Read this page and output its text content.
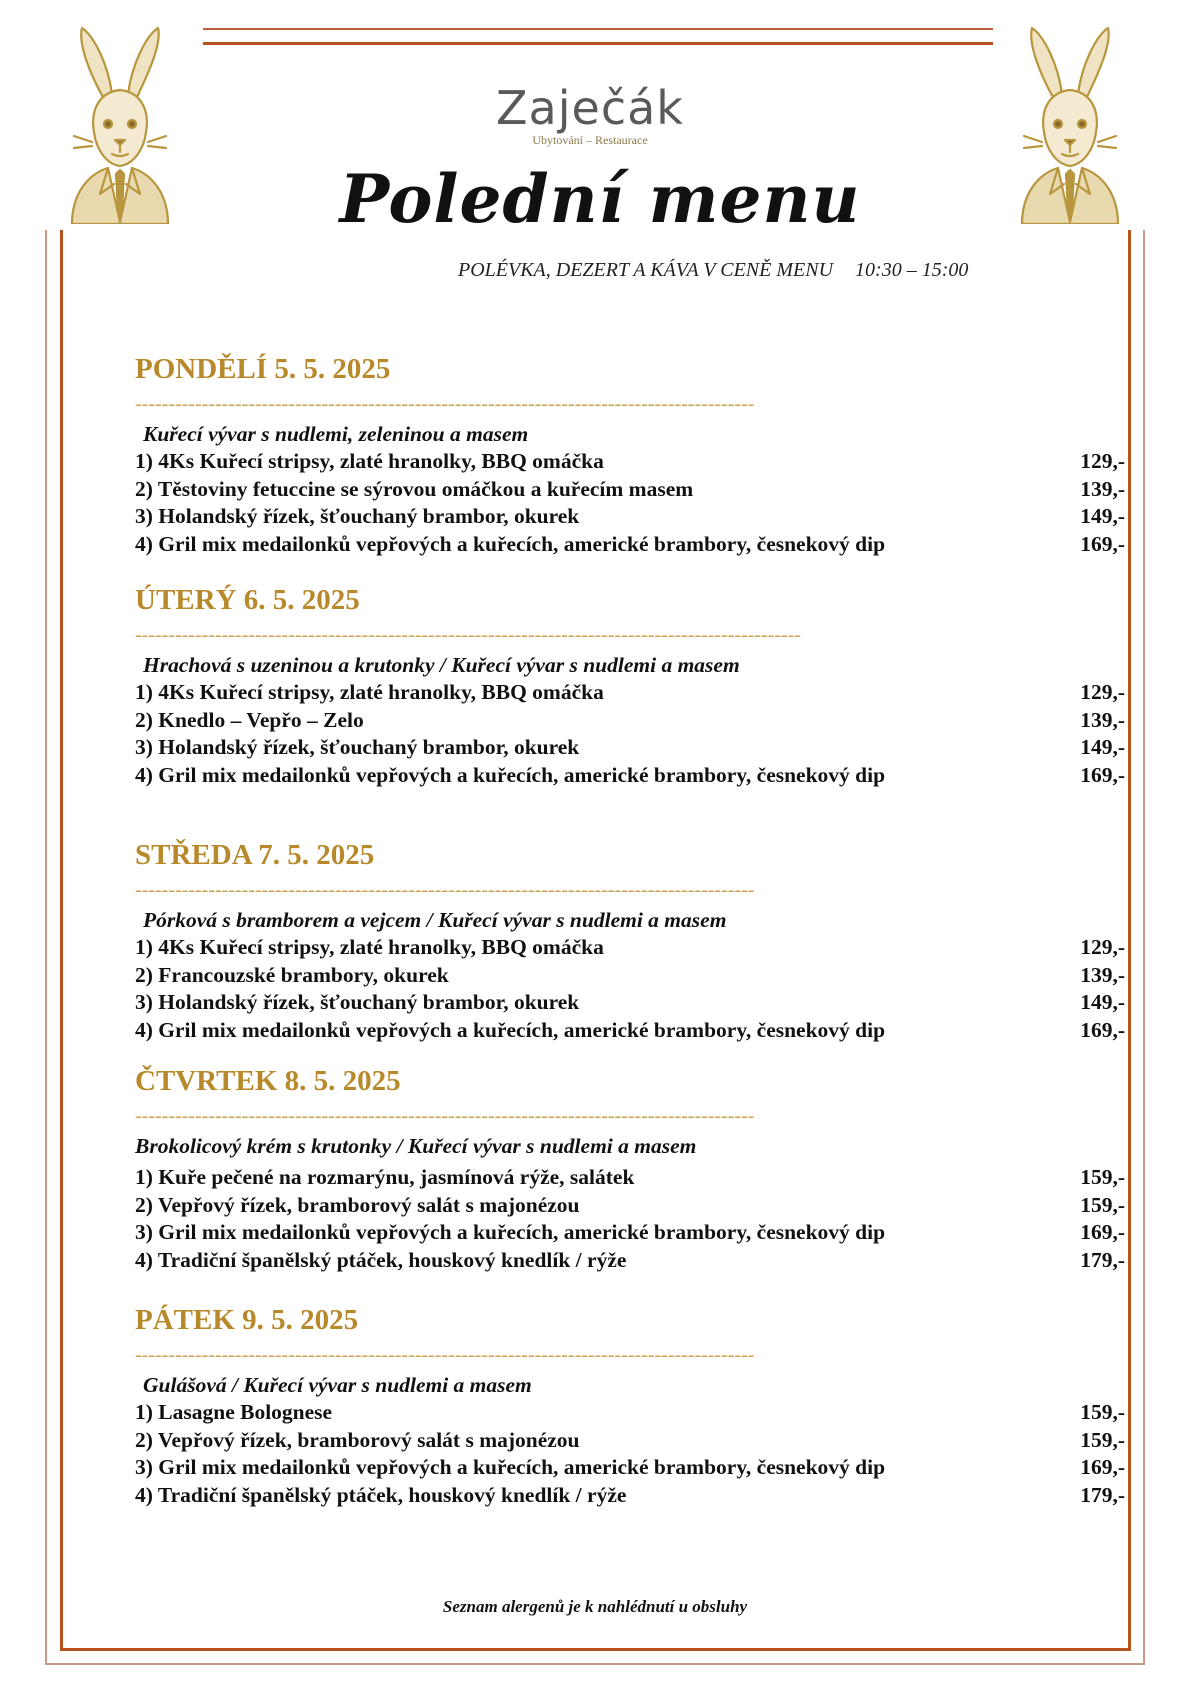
Zaječák
Ubytování – Restaurace
Polední menu
POLÉVKA, DEZERT A KÁVA V CENĚ MENU 10:30 – 15:00
PONDĚLÍ 5. 5. 2025
---------------------------------------------------------------------------------------------
Kuřecí vývar s nudlemi, zeleninou a masem
1) 4Ks Kuřecí stripsy, zlaté hranolky, BBQ omáčka	129,-
2) Těstoviny fetuccine se sýrovou omáčkou a kuřecím masem	139,-
3) Holandský řízek, šťouchaný brambor, okurek	149,-
4) Gril mix medailonků vepřových a kuřecích, americké brambory, česnekový dip	169,-
ÚTERÝ 6. 5. 2025
----------------------------------------------------------------------------------------------------
Hrachová s uzeninou a krutonky / Kuřecí vývar s nudlemi a masem
1) 4Ks Kuřecí stripsy, zlaté hranolky, BBQ omáčka	129,-
2) Knedlo – Vepřo – Zelo	139,-
3) Holandský řízek, šťouchaný brambor, okurek	149,-
4) Gril mix medailonků vepřových a kuřecích, americké brambory, česnekový dip	169,-
STŘEDA 7. 5. 2025
---------------------------------------------------------------------------------------------
Pórková s bramborem a vejcem / Kuřecí vývar s nudlemi a masem
1) 4Ks Kuřecí stripsy, zlaté hranolky, BBQ omáčka	129,-
2) Francouzské brambory, okurek	139,-
3) Holandský řízek, šťouchaný brambor, okurek	149,-
4) Gril mix medailonků vepřových a kuřecích, americké brambory, česnekový dip	169,-
ČTVRTEK 8. 5. 2025
---------------------------------------------------------------------------------------------
Brokolicový krém s krutonky / Kuřecí vývar s nudlemi a masem
1) Kuře pečené na rozmarýnu, jasmínová rýže, salátek	159,-
2) Vepřový řízek, bramborový salát s majonézou	159,-
3) Gril mix medailonků vepřových a kuřecích, americké brambory, česnekový dip	169,-
4) Tradiční španělský ptáček, houskový knedlík / rýže	179,-
PÁTEK 9. 5. 2025
---------------------------------------------------------------------------------------------
Gulášová / Kuřecí vývar s nudlemi a masem
1) Lasagne Bolognese	159,-
2) Vepřový řízek, bramborový salát s majonézou	159,-
3) Gril mix medailonků vepřových a kuřecích, americké brambory, česnekový dip	169,-
4) Tradiční španělský ptáček, houskový knedlík / rýže	179,-
Seznam alergenů je k nahlédnutí u obsluhy
